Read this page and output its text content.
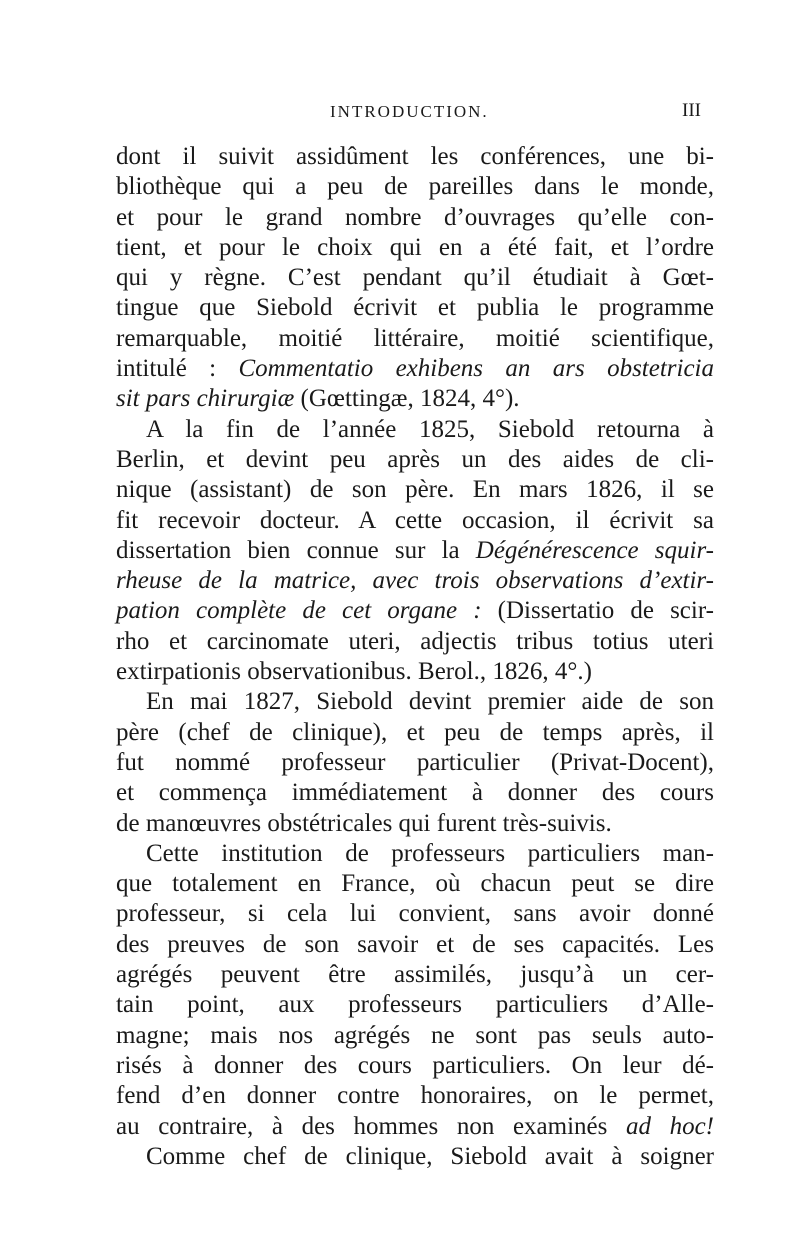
INTRODUCTION.	III
dont il suivit assidûment les conférences, une bi-
bliothèque qui a peu de pareilles dans le monde,
et pour le grand nombre d’ouvrages qu’elle con-
tient, et pour le choix qui en a été fait, et l’ordre
qui y règne. C’est pendant qu’il étudiait à Gœt-
tingue que Siebold écrivit et publia le programme
remarquable, moitié littéraire, moitié scientifique,
intitulé : Commentatio exhibens an ars obstetricia
sit pars chirurgiæ (Gœttingæ, 1824, 4°).
A la fin de l’année 1825, Siebold retourna à
Berlin, et devint peu après un des aides de cli-
nique (assistant) de son père. En mars 1826, il se
fit recevoir docteur. A cette occasion, il écrivit sa
dissertation bien connue sur la Dégénérescence squir-
rheuse de la matrice, avec trois observations d’extir-
pation complète de cet organe : (Dissertatio de scir-
rho et carcinomate uteri, adjectis tribus totius uteri
extirpationis observationibus. Berol., 1826, 4°.)
En mai 1827, Siebold devint premier aide de son
père (chef de clinique), et peu de temps après, il
fut nommé professeur particulier (Privat-Docent),
et commença immédiatement à donner des cours
de manœuvres obstétricales qui furent très-suivis.
Cette institution de professeurs particuliers man-
que totalement en France, où chacun peut se dire
professeur, si cela lui convient, sans avoir donné
des preuves de son savoir et de ses capacités. Les
agrégés peuvent être assimilés, jusqu’à un cer-
tain point, aux professeurs particuliers d’Alle-
magne; mais nos agrégés ne sont pas seuls auto-
risés à donner des cours particuliers. On leur dé-
fend d’en donner contre honoraires, on le permet,
au contraire, à des hommes non examinés ad hoc!
Comme chef de clinique, Siebold avait à soigner
